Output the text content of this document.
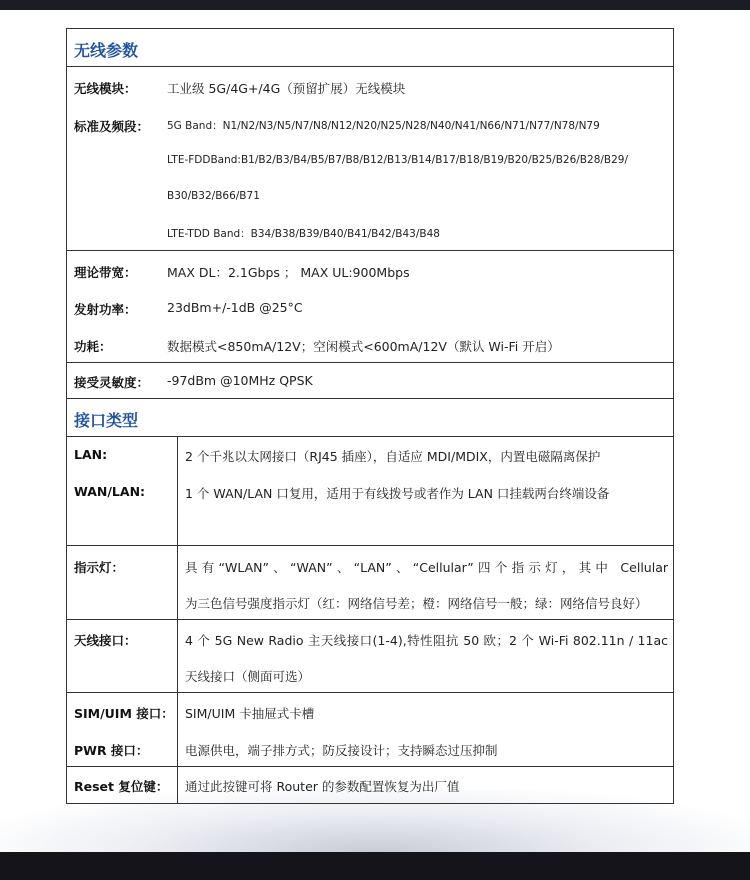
无线参数
无线模块： 工业级 5G/4G+/4G（预留扩展）无线模块
标准及频段： 5G Band：N1/N2/N3/N5/N7/N8/N12/N20/N25/N28/N40/N41/N66/N71/N77/N78/N79
LTE-FDDBand:B1/B2/B3/B4/B5/B7/B8/B12/B13/B14/B17/B18/B19/B20/B25/B26/B28/B29/
B30/B32/B66/B71
LTE-TDD Band：B34/B38/B39/B40/B41/B42/B43/B48
理论带宽： MAX DL：2.1Gbps ； MAX UL:900Mbps
发射功率： 23dBm+/-1dB @25°C
功耗：	数据模式<850mA/12V；空闲模式<600mA/12V（默认 Wi-Fi 开启）
接受灵敏度： -97dBm @10MHz QPSK
接口类型
LAN:	2 个千兆以太网接口（RJ45 插座），自适应 MDI/MDIX，内置电磁隔离保护
WAN/LAN:	1 个 WAN/LAN 口复用，适用于有线拨号或者作为 LAN 口挂载两台终端设备
指示灯：	具有“WLAN”、“WAN”、“LAN”、“Cellular”四个指示灯，其中 Cellular
为三色信号强度指示灯（红：网络信号差；橙：网络信号一般；绿：网络信号良好）
天线接口：	4 个 5G New Radio 主天线接口(1-4),特性阻抗 50 欧；2 个 Wi-Fi 802.11n / 11ac
天线接口（侧面可选）
SIM/UIM 接口： SIM/UIM 卡抽屉式卡槽
PWR 接口：	电源供电，端子排方式；防反接设计；支持瞬态过压抑制
Reset 复位键： 通过此按键可将 Router 的参数配置恢复为出厂值
